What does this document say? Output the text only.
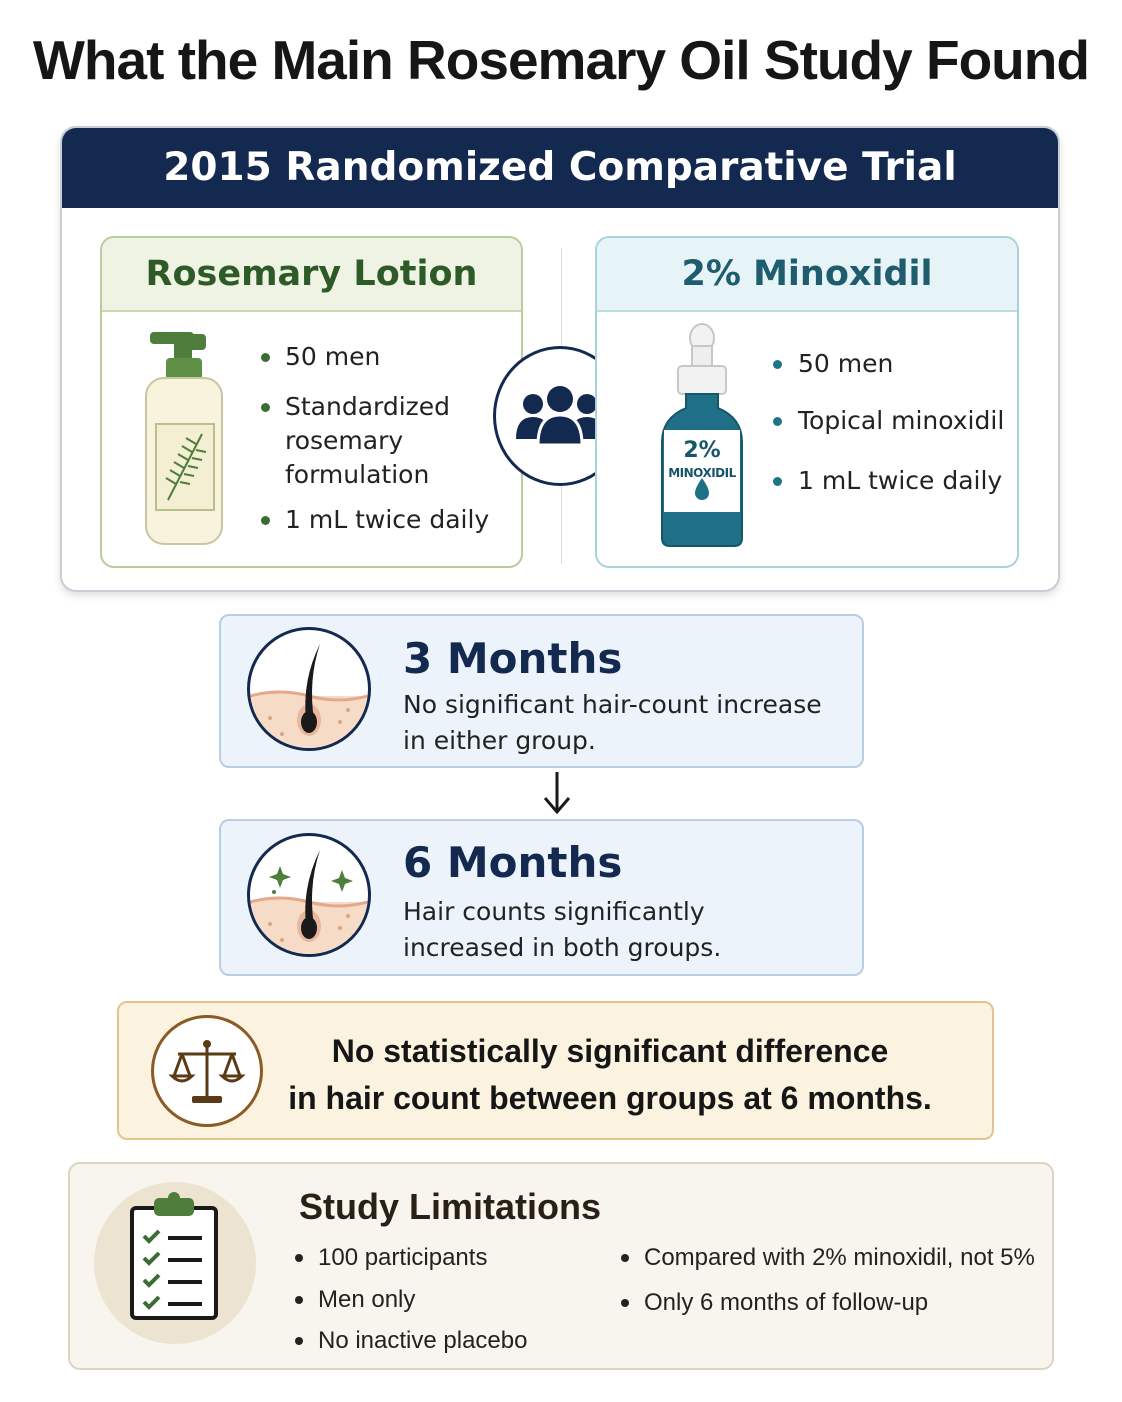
What the Main Rosemary Oil Study Found
2015 Randomized Comparative Trial
Rosemary Lotion
50 men
Standardized
rosemary
formulation
1 mL twice daily
2% Minoxidil
2%
MINOXIDIL
50 men
Topical minoxidil
1 mL twice daily
3 Months
No significant hair-count increase
in either group.
6 Months
Hair counts significantly
increased in both groups.
No statistically significant difference
in hair count between groups at 6 months.
Study Limitations
100 participants
Men only
No inactive placebo
Compared with 2% minoxidil, not 5%
Only 6 months of follow-up
